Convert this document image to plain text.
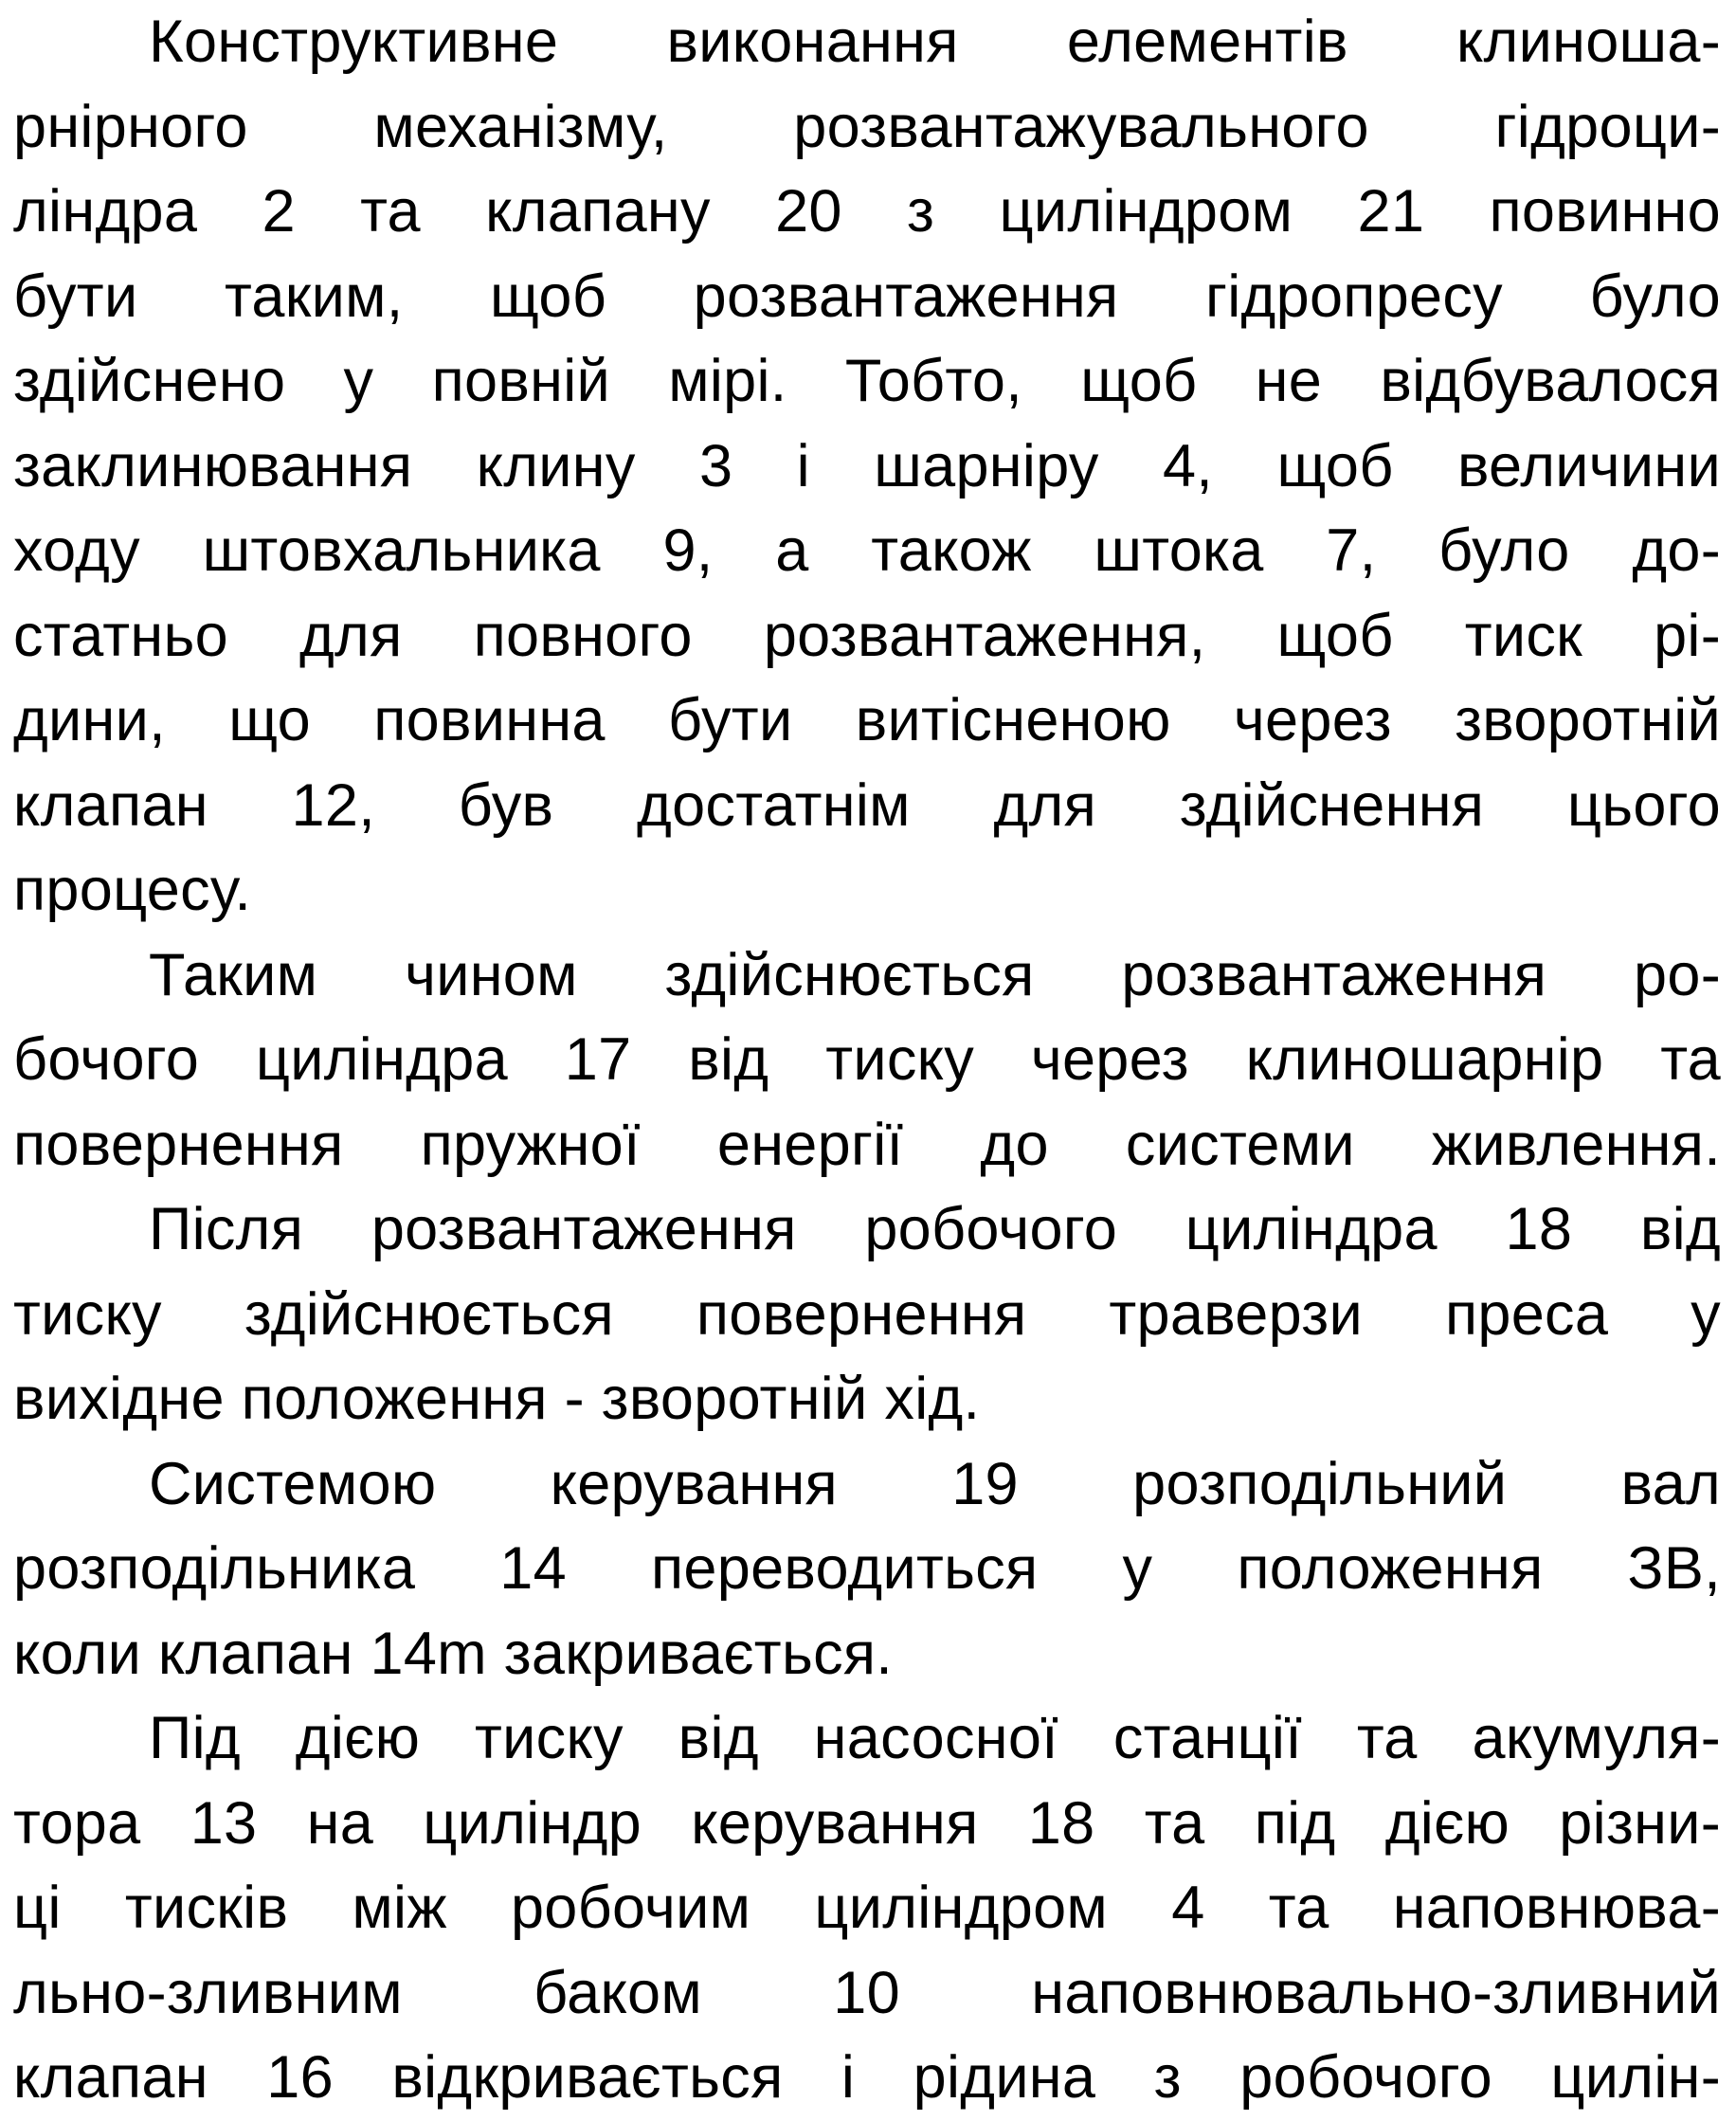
Конструктивне виконання елементів клиноша-
рнірного механізму, розвантажувального гідроци-
ліндра 2 та клапану 20 з циліндром 21 повинно
бути таким, щоб розвантаження гідропресу було
здійснено у повній мірі. Тобто, щоб не відбувалося
заклинювання клину 3 і шарніру 4, щоб величини
ходу штовхальника 9, а також штока 7, було до-
статньо для повного розвантаження, щоб тиск рі-
дини, що повинна бути витісненою через зворотній
клапан 12, був достатнім для здійснення цього
процесу.
Таким чином здійснюється розвантаження ро-
бочого циліндра 17 від тиску через клиношарнір та
повернення пружної енергії до системи живлення.
Після розвантаження робочого циліндра 18 від
тиску здійснюється повернення траверзи преса у
вихідне положення - зворотній хід.
Системою керування 19 розподільний вал
розподільника 14 переводиться у положення ЗВ,
коли клапан 14m закривається.
Під дією тиску від насосної станції та акумуля-
тора 13 на циліндр керування 18 та під дією різни-
ці тисків між робочим циліндром 4 та наповнюва-
льно-зливним баком 10 наповнювально-зливний
клапан 16 відкривається і рідина з робочого цилін-
